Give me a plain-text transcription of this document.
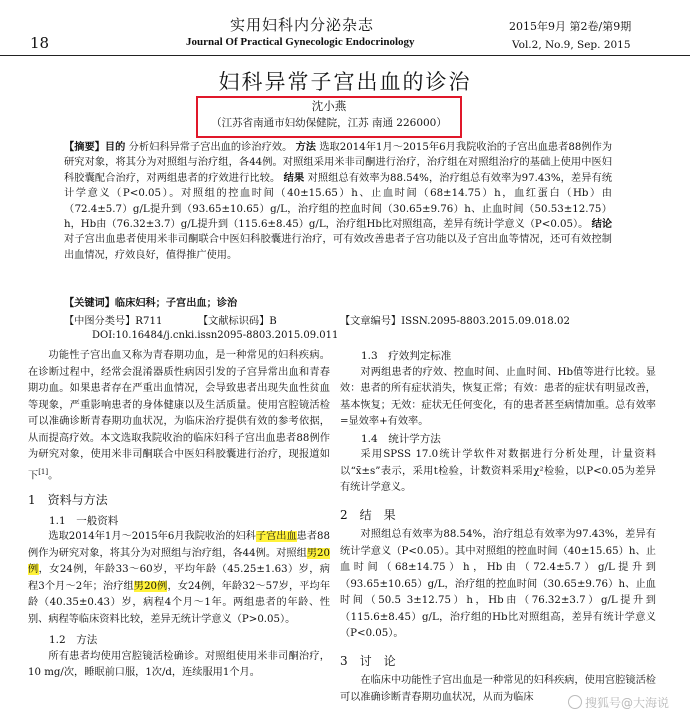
18
实用妇科内分泌杂志
Journal Of Practical Gynecologic Endocrinology
2015年9月 第2卷/第9期
Vol.2, No.9, Sep. 2015
妇科异常子宫出血的诊治
沈小燕
（江苏省南通市妇幼保健院，江苏 南通 226000）
【摘要】目的 分析妇科异常子宫出血的诊治疗效。 方法 选取2014年1月～2015年6月我院收治的子宫出血患者88例作为研究对象，将其分为对照组与治疗组，各44例。对照组采用米非司酮进行治疗，治疗组在对照组治疗的基础上使用中医妇科胶囊配合治疗，对两组患者的疗效进行比较。 结果 对照组总有效率为88.54%，治疗组总有效率为97.43%，差异有统计学意义（P<0.05）。对照组的控血时间（40±15.65）h、止血时间（68±14.75）h，血红蛋白（Hb）由（72.4±5.7）g/L提升到（93.65±10.65）g/L，治疗组的控血时间（30.65±9.76）h、止血时间（50.53±12.75）h，Hb由（76.32±3.7）g/L提升到（115.6±8.45）g/L，治疗组Hb比对照组高，差异有统计学意义（P<0.05）。 结论 对子宫出血患者使用米非司酮联合中医妇科胶囊进行治疗，可有效改善患者子宫功能以及子宫出血等情况，还可有效控制出血情况，疗效良好，值得推广使用。
【关键词】临床妇科；子宫出血；诊治
【中图分类号】R711	【文献标识码】B	【文章编号】ISSN.2095-8803.2015.09.018.02
DOI:10.16484/j.cnki.issn2095-8803.2015.09.011
功能性子宫出血又称为青春期功血，是一种常见的妇科疾病。在诊断过程中，经常会混淆器质性病因引发的子宫异常出血和青春期功血。如果患者存在严重出血情况，会导致患者出现失血性贫血等现象，严重影响患者的身体健康以及生活质量。使用宫腔镜活检可以准确诊断青春期功血状况，为临床治疗提供有效的参考依据，从而提高疗效。本文选取我院收治的临床妇科子宫出血患者88例作为研究对象，使用米非司酮联合中医妇科胶囊进行治疗，现报道如下[1]。
1　资料与方法
1.1　一般资料
选取2014年1月～2015年6月我院收治的妇科子宫出血患者88例作为研究对象，将其分为对照组与治疗组，各44例。对照组男20例，女24例，年龄33～60岁，平均年龄（45.25±1.63）岁，病程3个月～2年；治疗组男20例，女24例，年龄32～57岁，平均年龄（40.35±0.43）岁，病程4个月～1年。两组患者的年龄、性别、病程等临床资料比较，差异无统计学意义（P>0.05）。
1.2　方法
所有患者均使用宫腔镜活检确诊。对照组使用米非司酮治疗，10 mg/次，睡眠前口服，1次/d，连续服用1个月。
1.3　疗效判定标准
对两组患者的疗效、控血时间、止血时间、Hb值等进行比较。显效：患者的所有症状消失，恢复正常；有效：患者的症状有明显改善，基本恢复；无效：症状无任何变化，有的患者甚至病情加重。总有效率=显效率+有效率。
1.4　统计学方法
采用SPSS 17.0统计学软件对数据进行分析处理，计量资料以“x̄±s”表示，采用t检验，计数资料采用χ²检验，以P<0.05为差异有统计学意义。
2　结　果
对照组总有效率为88.54%，治疗组总有效率为97.43%，差异有统计学意义（P<0.05）。其中对照组的控血时间（40±15.65）h、止血时间（68±14.75）h，Hb由（72.4±5.7）g/L提升到（93.65±10.65）g/L，治疗组的控血时间（30.65±9.76）h、止血时间（50.5 3±12.75）h，Hb由（76.32±3.7）g/L提升到（115.6±8.45）g/L，治疗组的Hb比对照组高，差异有统计学意义（P<0.05）。
3　讨　论
在临床中功能性子宫出血是一种常见的妇科疾病，使用宫腔镜活检可以准确诊断青春期功血状况，从而为临床	搜狐号@大海说
